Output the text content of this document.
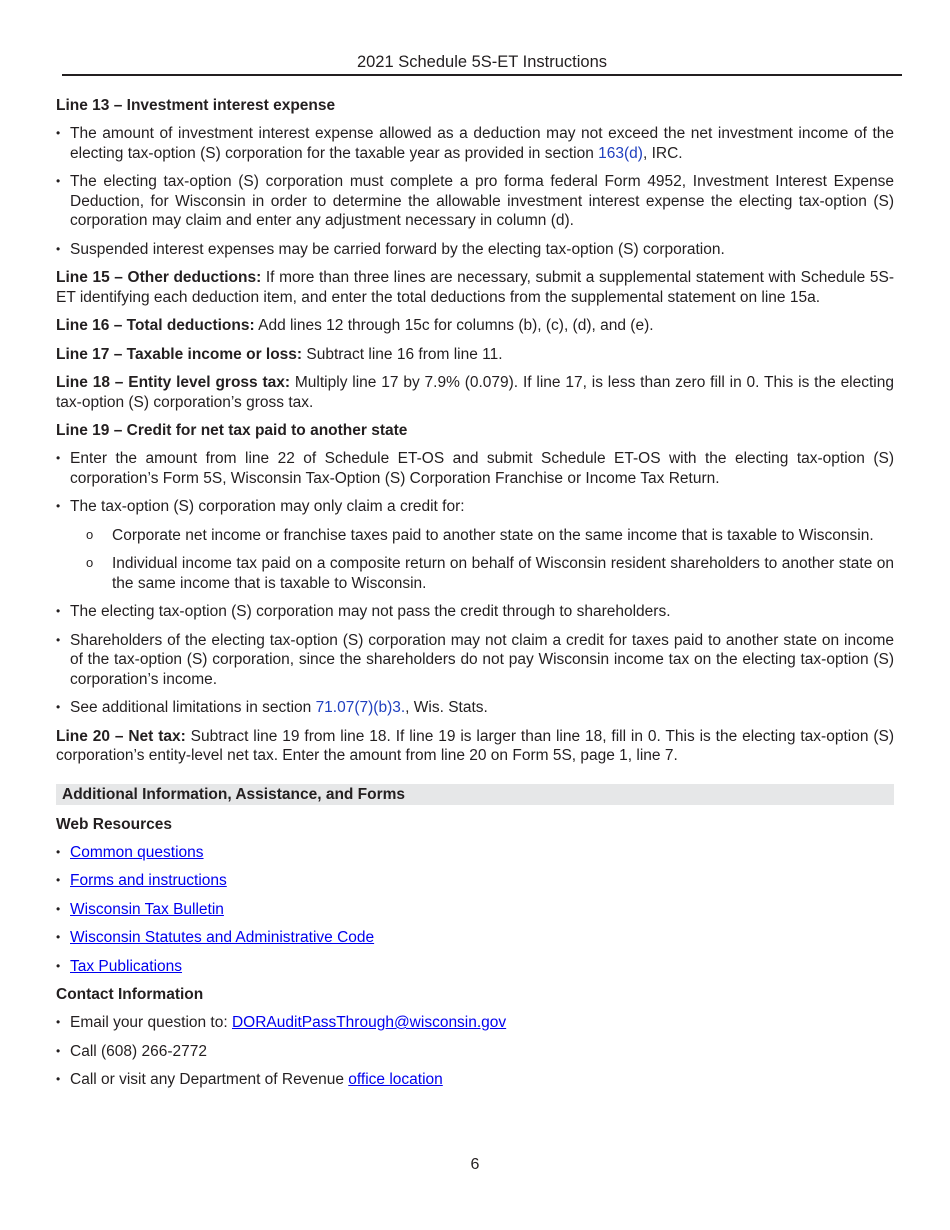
2021 Schedule 5S-ET Instructions
Line 13 – Investment interest expense
• The amount of investment interest expense allowed as a deduction may not exceed the net investment income of the electing tax-option (S) corporation for the taxable year as provided in section 163(d), IRC.
• The electing tax-option (S) corporation must complete a pro forma federal Form 4952, Investment Interest Expense Deduction, for Wisconsin in order to determine the allowable investment interest expense the electing tax-option (S) corporation may claim and enter any adjustment necessary in column (d).
• Suspended interest expenses may be carried forward by the electing tax-option (S) corporation.

Line 15 – Other deductions: If more than three lines are necessary, submit a supplemental statement with Schedule 5S-ET identifying each deduction item, and enter the total deductions from the supplemental statement on line 15a.

Line 16 – Total deductions: Add lines 12 through 15c for columns (b), (c), (d), and (e).

Line 17 – Taxable income or loss: Subtract line 16 from line 11.

Line 18 – Entity level gross tax: Multiply line 17 by 7.9% (0.079). If line 17, is less than zero fill in 0. This is the electing tax-option (S) corporation’s gross tax.

Line 19 – Credit for net tax paid to another state
• Enter the amount from line 22 of Schedule ET-OS and submit Schedule ET-OS with the electing tax-option (S) corporation’s Form 5S, Wisconsin Tax-Option (S) Corporation Franchise or Income Tax Return.
• The tax-option (S) corporation may only claim a credit for:
o Corporate net income or franchise taxes paid to another state on the same income that is taxable to Wisconsin.
o Individual income tax paid on a composite return on behalf of Wisconsin resident shareholders to another state on the same income that is taxable to Wisconsin.
• The electing tax-option (S) corporation may not pass the credit through to shareholders.
• Shareholders of the electing tax-option (S) corporation may not claim a credit for taxes paid to another state on income of the tax-option (S) corporation, since the shareholders do not pay Wisconsin income tax on the electing tax-option (S) corporation’s income.
• See additional limitations in section 71.07(7)(b)3., Wis. Stats.

Line 20 – Net tax: Subtract line 19 from line 18. If line 19 is larger than line 18, fill in 0. This is the electing tax-option (S) corporation’s entity-level net tax. Enter the amount from line 20 on Form 5S, page 1, line 7.

Additional Information, Assistance, and Forms
Web Resources
• Common questions
• Forms and instructions
• Wisconsin Tax Bulletin
• Wisconsin Statutes and Administrative Code
• Tax Publications
Contact Information
• Email your question to: DORAuditPassThrough@wisconsin.gov
• Call (608) 266-2772
• Call or visit any Department of Revenue office location
6
